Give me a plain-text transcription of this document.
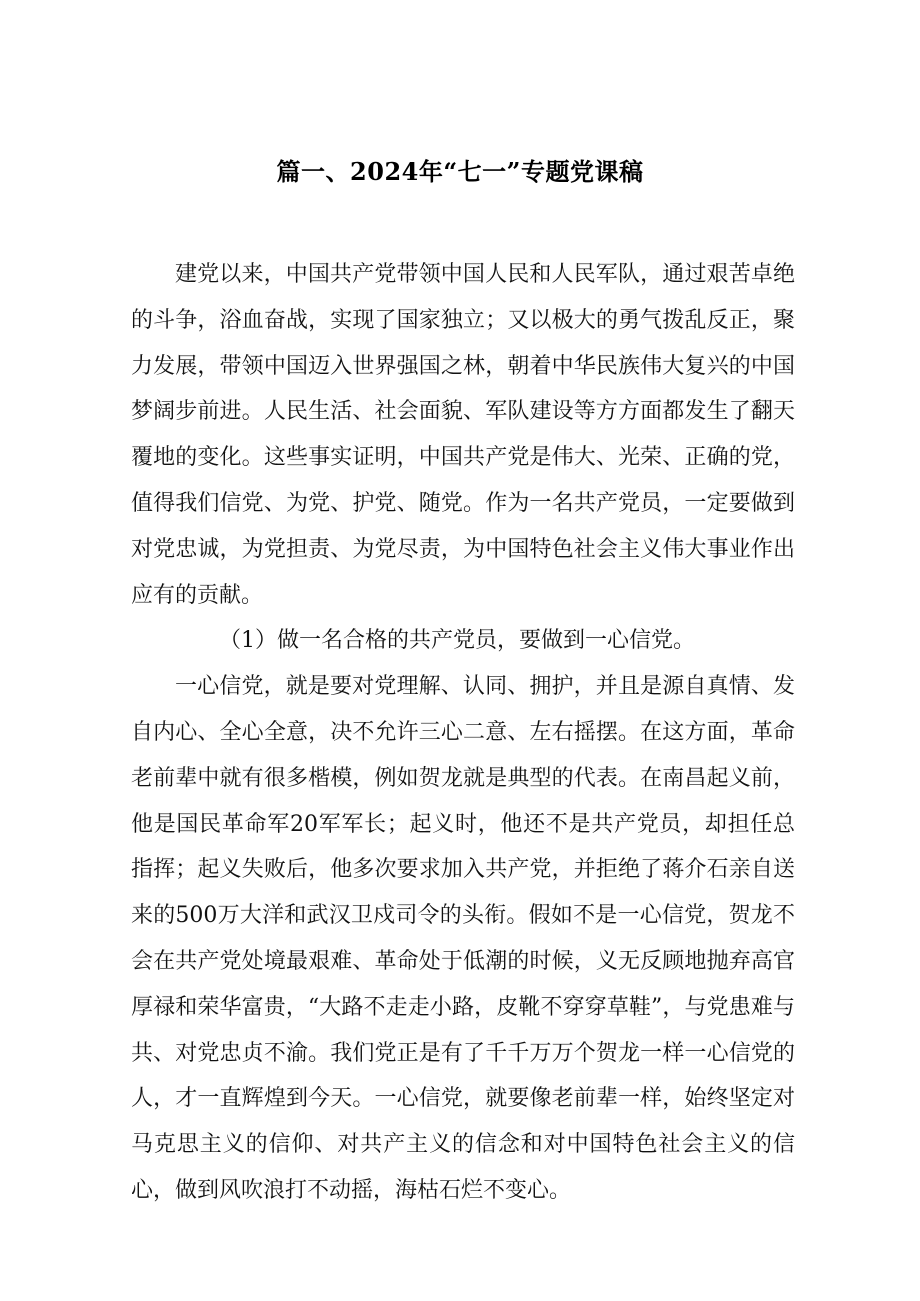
篇一、2024年“七一”专题党课稿

建党以来，中国共产党带领中国人民和人民军队，通过艰苦卓绝的斗争，浴血奋战，实现了国家独立；又以极大的勇气拨乱反正，聚力发展，带领中国迈入世界强国之林，朝着中华民族伟大复兴的中国梦阔步前进。人民生活、社会面貌、军队建设等方方面都发生了翻天覆地的变化。这些事实证明，中国共产党是伟大、光荣、正确的党，值得我们信党、为党、护党、随党。作为一名共产党员，一定要做到对党忠诚，为党担责、为党尽责，为中国特色社会主义伟大事业作出应有的贡献。

（1）做一名合格的共产党员，要做到一心信党。

一心信党，就是要对党理解、认同、拥护，并且是源自真情、发自内心、全心全意，决不允许三心二意、左右摇摆。在这方面，革命老前辈中就有很多楷模，例如贺龙就是典型的代表。在南昌起义前，他是国民革命军20军军长；起义时，他还不是共产党员，却担任总指挥；起义失败后，他多次要求加入共产党，并拒绝了蒋介石亲自送来的500万大洋和武汉卫戍司令的头衔。假如不是一心信党，贺龙不会在共产党处境最艰难、革命处于低潮的时候，义无反顾地抛弃高官厚禄和荣华富贵，“大路不走走小路，皮靴不穿穿草鞋”，与党患难与共、对党忠贞不渝。我们党正是有了千千万万个贺龙一样一心信党的人，才一直辉煌到今天。一心信党，就要像老前辈一样，始终坚定对马克思主义的信仰、对共产主义的信念和对中国特色社会主义的信心，做到风吹浪打不动摇，海枯石烂不变心。
